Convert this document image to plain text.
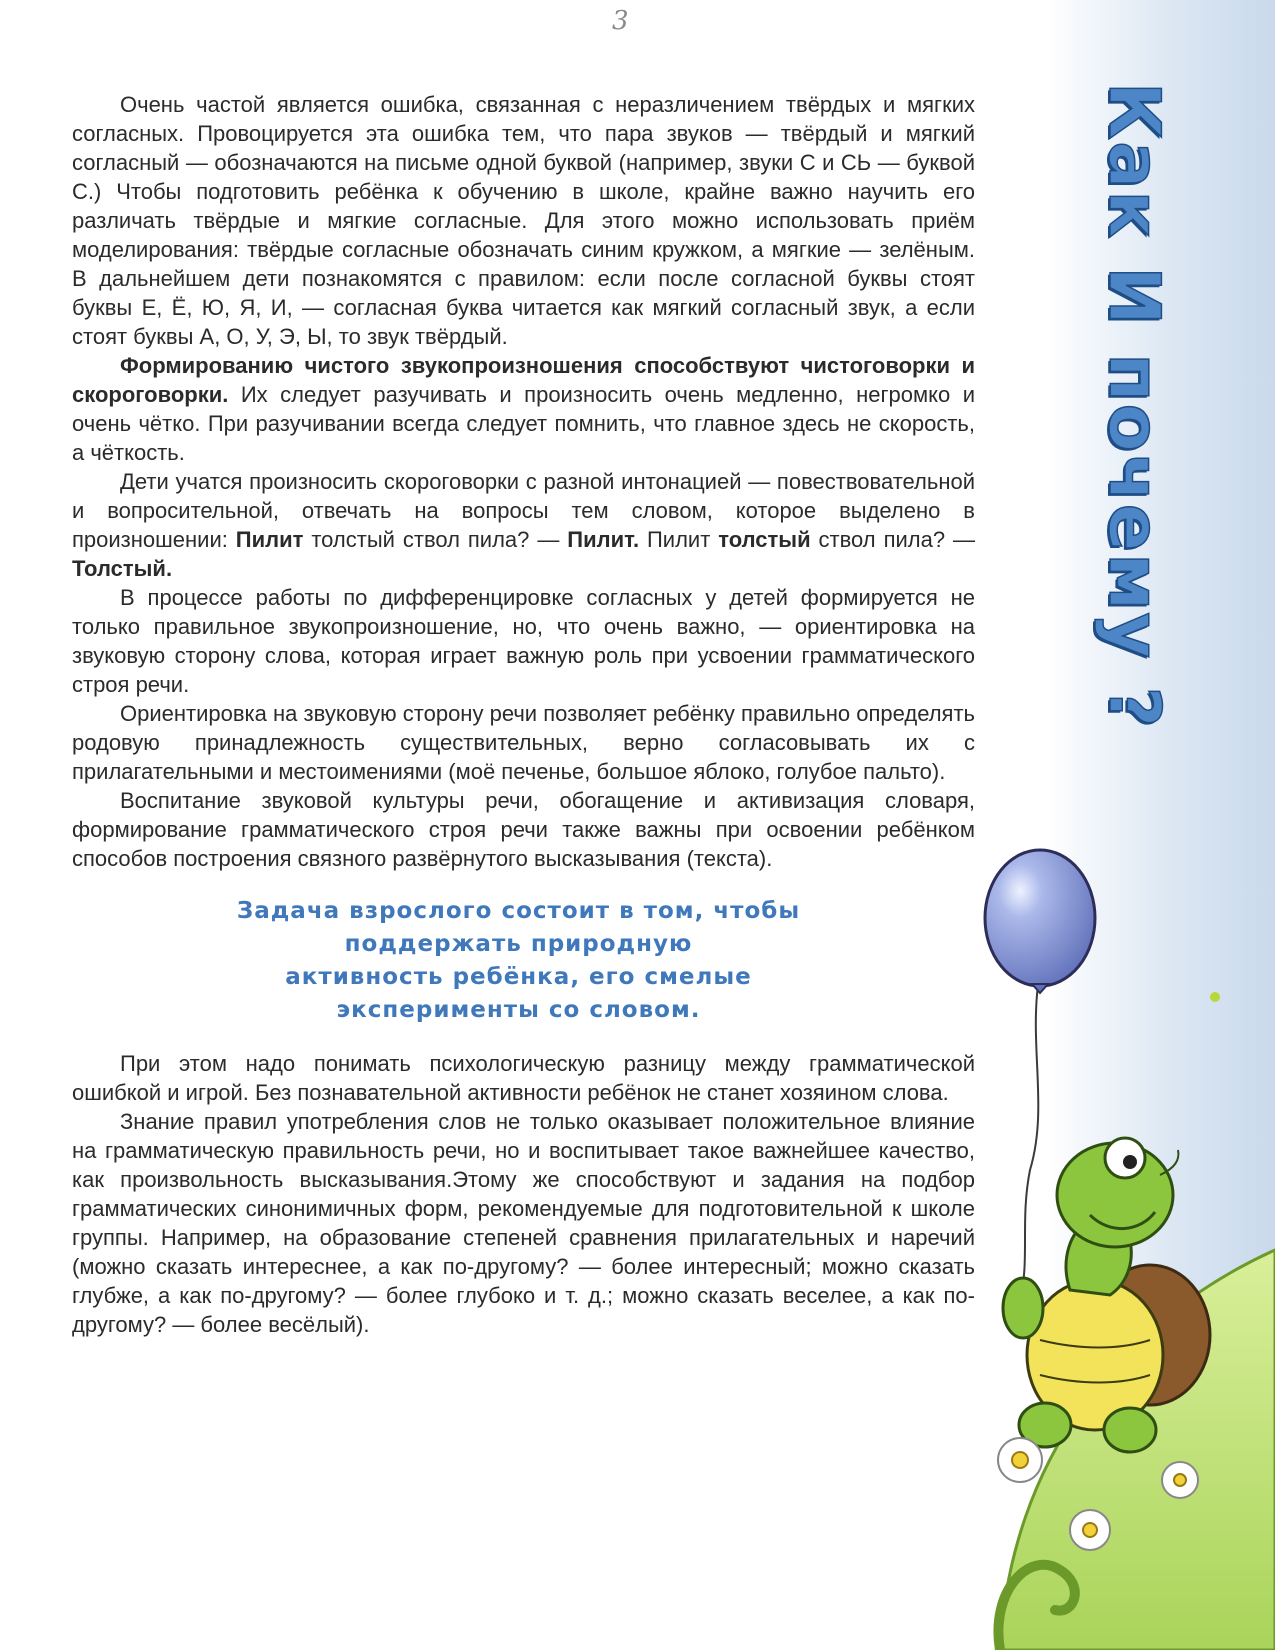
3
Как И почему ?

Очень частой является ошибка, связанная с неразличением твёрдых и мягких согласных. Провоцируется эта ошибка тем, что пара звуков — твёрдый и мягкий согласный — обозначаются на письме одной буквой (например, звуки С и СЬ — буквой С.) Чтобы подготовить ребёнка к обучению в школе, крайне важно научить его различать твёрдые и мягкие согласные. Для этого можно использовать приём моделирования: твёрдые согласные обозначать синим кружком, а мягкие — зелёным. В дальнейшем дети познакомятся с правилом: если после согласной буквы стоят буквы Е, Ё, Ю, Я, И, — согласная буква читается как мягкий согласный звук, а если стоят буквы А, О, У, Э, Ы, то звук твёрдый.

Формированию чистого звукопроизношения способствуют чистоговорки и скороговорки. Их следует разучивать и произносить очень медленно, негромко и очень чётко. При разучивании всегда следует помнить, что главное здесь не скорость, а чёткость.

Дети учатся произносить скороговорки с разной интонацией — повествовательной и вопросительной, отвечать на вопросы тем словом, которое выделено в произношении: Пилит толстый ствол пила? — Пилит. Пилит толстый ствол пила? — Толстый.

В процессе работы по дифференцировке согласных у детей формируется не только правильное звукопроизношение, но, что очень важно, — ориентировка на звуковую сторону слова, которая играет важную роль при усвоении грамматического строя речи.

Ориентировка на звуковую сторону речи позволяет ребёнку правильно определять родовую принадлежность существительных, верно согласовывать их с прилагательными и местоимениями (моё печенье, большое яблоко, голубое пальто).

Воспитание звуковой культуры речи, обогащение и активизация словаря, формирование грамматического строя речи также важны при освоении ребёнком способов построения связного развёрнутого высказывания (текста).

Задача взрослого состоит в том, чтобы
поддержать природную
активность ребёнка, его смелые
эксперименты со словом.

При этом надо понимать психологическую разницу между грамматической ошибкой и игрой. Без познавательной активности ребёнок не станет хозяином слова.

Знание правил употребления слов не только оказывает положительное влияние на грамматическую правильность речи, но и воспитывает такое важнейшее качество, как произвольность высказывания.Этому же способствуют и задания на подбор грамматических синонимичных форм, рекомендуемые для подготовительной к школе группы. Например, на образование степеней сравнения прилагательных и наречий (можно сказать интереснее, а как по-другому? — более интересный; можно сказать глубже, а как по-другому? — более глубоко и т. д.; можно сказать веселее, а как по-другому? — более весёлый).
